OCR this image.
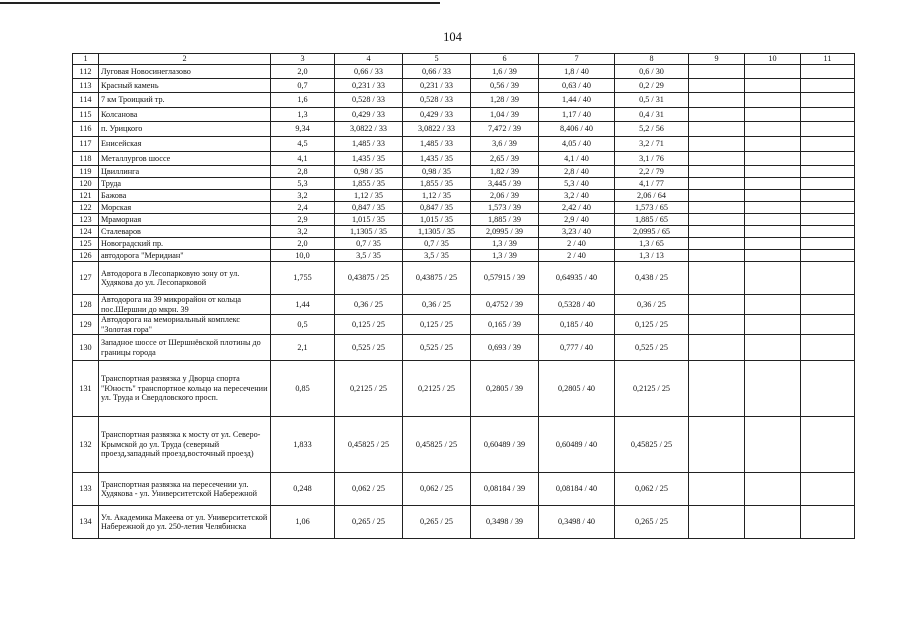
104
1	2	3	4	5	6	7	8	9	10	11
112	Луговая Новосинеглазово	2,0	0,66 / 33	0,66 / 33	1,6 / 39	1,8 / 40	0,6 / 30			
113	Красный камень	0,7	0,231 / 33	0,231 / 33	0,56 / 39	0,63 / 40	0,2 / 29			
114	7 км Троицкий тр.	1,6	0,528 / 33	0,528 / 33	1,28 / 39	1,44 / 40	0,5 / 31			
115	Колсанова	1,3	0,429 / 33	0,429 / 33	1,04 / 39	1,17 / 40	0,4 / 31			
116	п. Урицкого	9,34	3,0822 / 33	3,0822 / 33	7,472 / 39	8,406 / 40	5,2 / 56			
117	Енисейская	4,5	1,485 / 33	1,485 / 33	3,6 / 39	4,05 / 40	3,2 / 71			
118	Металлургов шоссе	4,1	1,435 / 35	1,435 / 35	2,65 / 39	4,1 / 40	3,1 / 76			
119	Цвиллинга	2,8	0,98 / 35	0,98 / 35	1,82 / 39	2,8 / 40	2,2 / 79			
120	Труда	5,3	1,855 / 35	1,855 / 35	3,445 / 39	5,3 / 40	4,1 / 77			
121	Бажова	3,2	1,12 / 35	1,12 / 35	2,06 / 39	3,2 / 40	2,06 / 64			
122	Морская	2,4	0,847 / 35	0,847 / 35	1,573 / 39	2,42 / 40	1,573 / 65			
123	Мраморная	2,9	1,015 / 35	1,015 / 35	1,885 / 39	2,9 / 40	1,885 / 65			
124	Сталеваров	3,2	1,1305 / 35	1,1305 / 35	2,0995 / 39	3,23 / 40	2,0995 / 65			
125	Новоградский пр.	2,0	0,7 / 35	0,7 / 35	1,3 / 39	2 / 40	1,3 / 65			
126	автодорога "Меридиан"	10,0	3,5 / 35	3,5 / 35	1,3 / 39	2 / 40	1,3 / 13			
127	Автодорога в Лесопарковую зону от ул. Худякова до ул. Лесопарковой	1,755	0,43875 / 25	0,43875 / 25	0,57915 / 39	0,64935 / 40	0,438 / 25			
128	Автодорога на 39 микрорайон от кольца пос.Шершни до мкрн. 39	1,44	0,36 / 25	0,36 / 25	0,4752 / 39	0,5328 / 40	0,36 / 25			
129	Автодорога на мемориальный комплекс "Золотая гора"	0,5	0,125 / 25	0,125 / 25	0,165 / 39	0,185 / 40	0,125 / 25			
130	Западное шоссе от Шершнёвской плотины до границы города	2,1	0,525 / 25	0,525 / 25	0,693 / 39	0,777 / 40	0,525 / 25			
131	Транспортная развязка у Дворца спорта "Юность" транспортное кольцо на пересечении ул. Труда и Свердловского просп.	0,85	0,2125 / 25	0,2125 / 25	0,2805 / 39	0,2805 / 40	0,2125 / 25			
132	Транспортная развязка к мосту от ул. Северо-Крымской до ул. Труда (северный проезд,западный проезд,восточный проезд)	1,833	0,45825 / 25	0,45825 / 25	0,60489 / 39	0,60489 / 40	0,45825 / 25			
133	Транспортная развязка на пересечении ул. Худякова - ул. Университетской Набережной	0,248	0,062 / 25	0,062 / 25	0,08184 / 39	0,08184 / 40	0,062 / 25			
134	Ул. Академика Макеева от ул. Университетской Набережной до ул. 250-летия Челябинска	1,06	0,265 / 25	0,265 / 25	0,3498 / 39	0,3498 / 40	0,265 / 25			
